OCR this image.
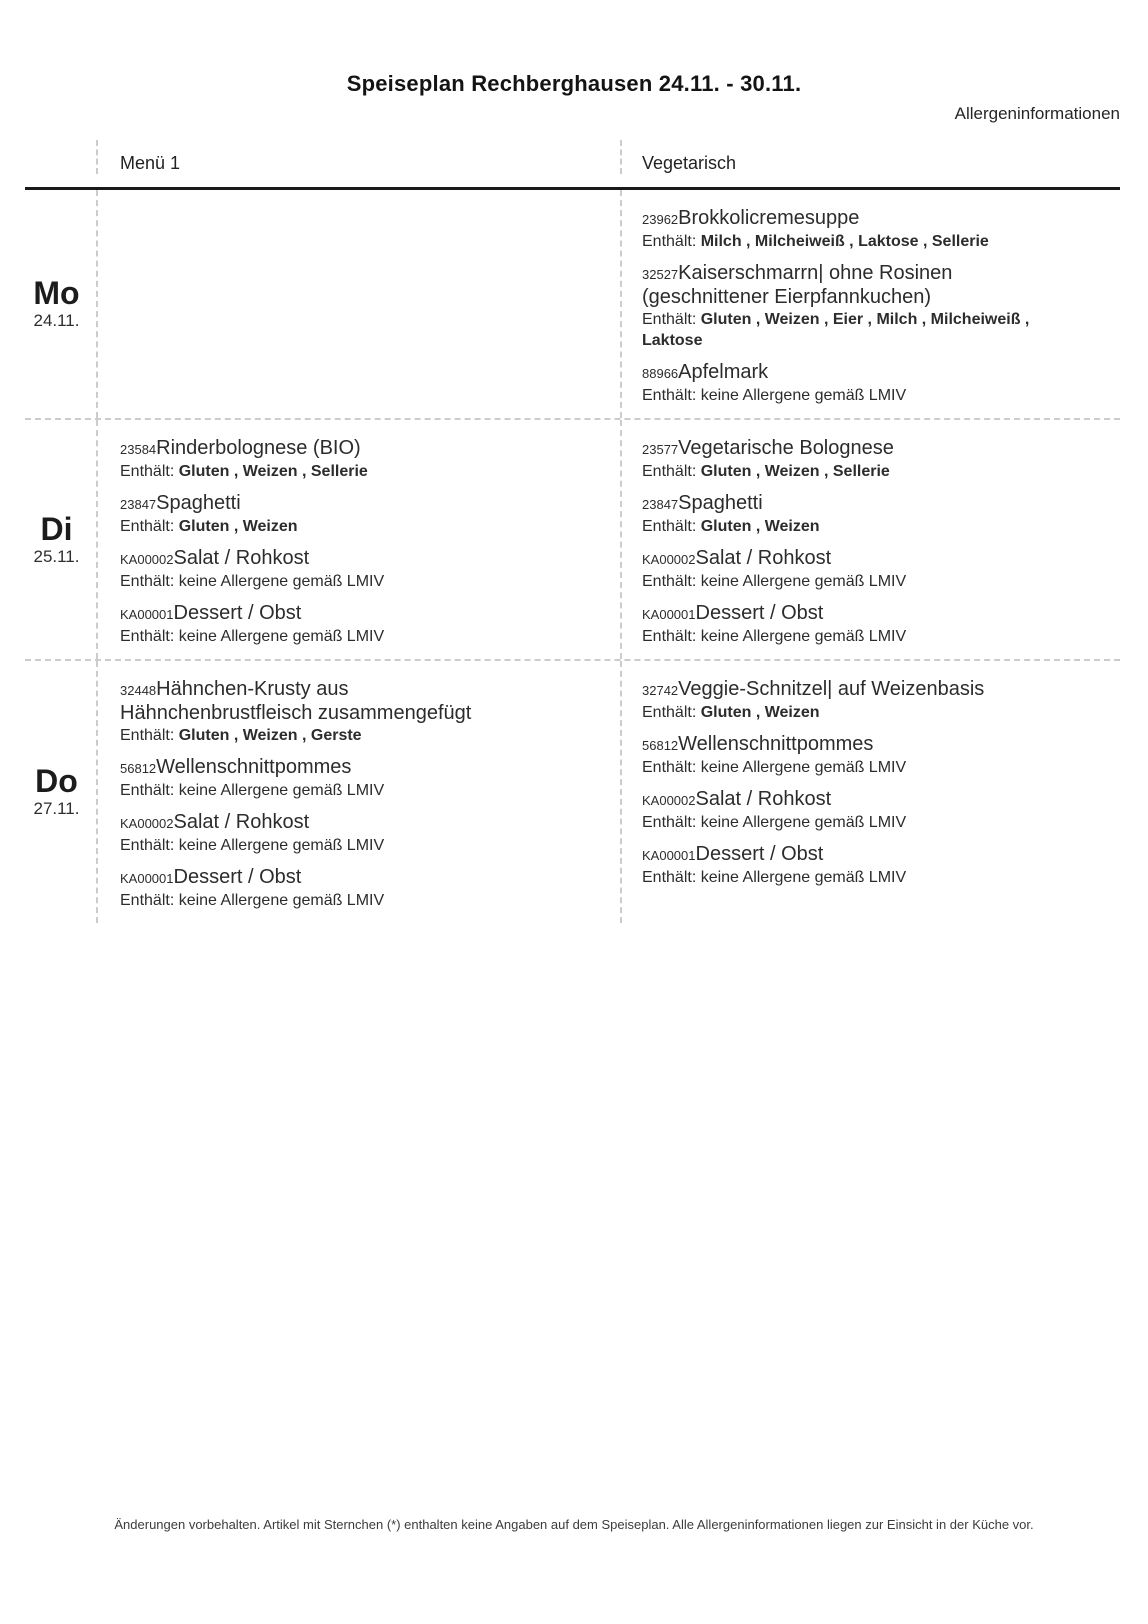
Speiseplan Rechberghausen 24.11. - 30.11.
Allergeninformationen
Menü 1	Vegetarisch
Mo
24.11.
23962Brokkolicremesuppe
Enthält: Milch , Milcheiweiß , Laktose , Sellerie
32527Kaiserschmarrn| ohne Rosinen (geschnittener Eierpfannkuchen)
Enthält: Gluten , Weizen , Eier , Milch , Milcheiweiß , Laktose
88966Apfelmark
Enthält: keine Allergene gemäß LMIV
Di
25.11.
23584Rinderbolognese (BIO)
Enthält: Gluten , Weizen , Sellerie
23847Spaghetti
Enthält: Gluten , Weizen
KA00002Salat / Rohkost
Enthält: keine Allergene gemäß LMIV
KA00001Dessert / Obst
Enthält: keine Allergene gemäß LMIV
23577Vegetarische Bolognese
Enthält: Gluten , Weizen , Sellerie
23847Spaghetti
Enthält: Gluten , Weizen
KA00002Salat / Rohkost
Enthält: keine Allergene gemäß LMIV
KA00001Dessert / Obst
Enthält: keine Allergene gemäß LMIV
Do
27.11.
32448Hähnchen-Krusty aus Hähnchenbrustfleisch zusammengefügt
Enthält: Gluten , Weizen , Gerste
56812Wellenschnittpommes
Enthält: keine Allergene gemäß LMIV
KA00002Salat / Rohkost
Enthält: keine Allergene gemäß LMIV
KA00001Dessert / Obst
Enthält: keine Allergene gemäß LMIV
32742Veggie-Schnitzel| auf Weizenbasis
Enthält: Gluten , Weizen
56812Wellenschnittpommes
Enthält: keine Allergene gemäß LMIV
KA00002Salat / Rohkost
Enthält: keine Allergene gemäß LMIV
KA00001Dessert / Obst
Enthält: keine Allergene gemäß LMIV
Änderungen vorbehalten. Artikel mit Sternchen (*) enthalten keine Angaben auf dem Speiseplan. Alle Allergeninformationen liegen zur Einsicht in der Küche vor.
